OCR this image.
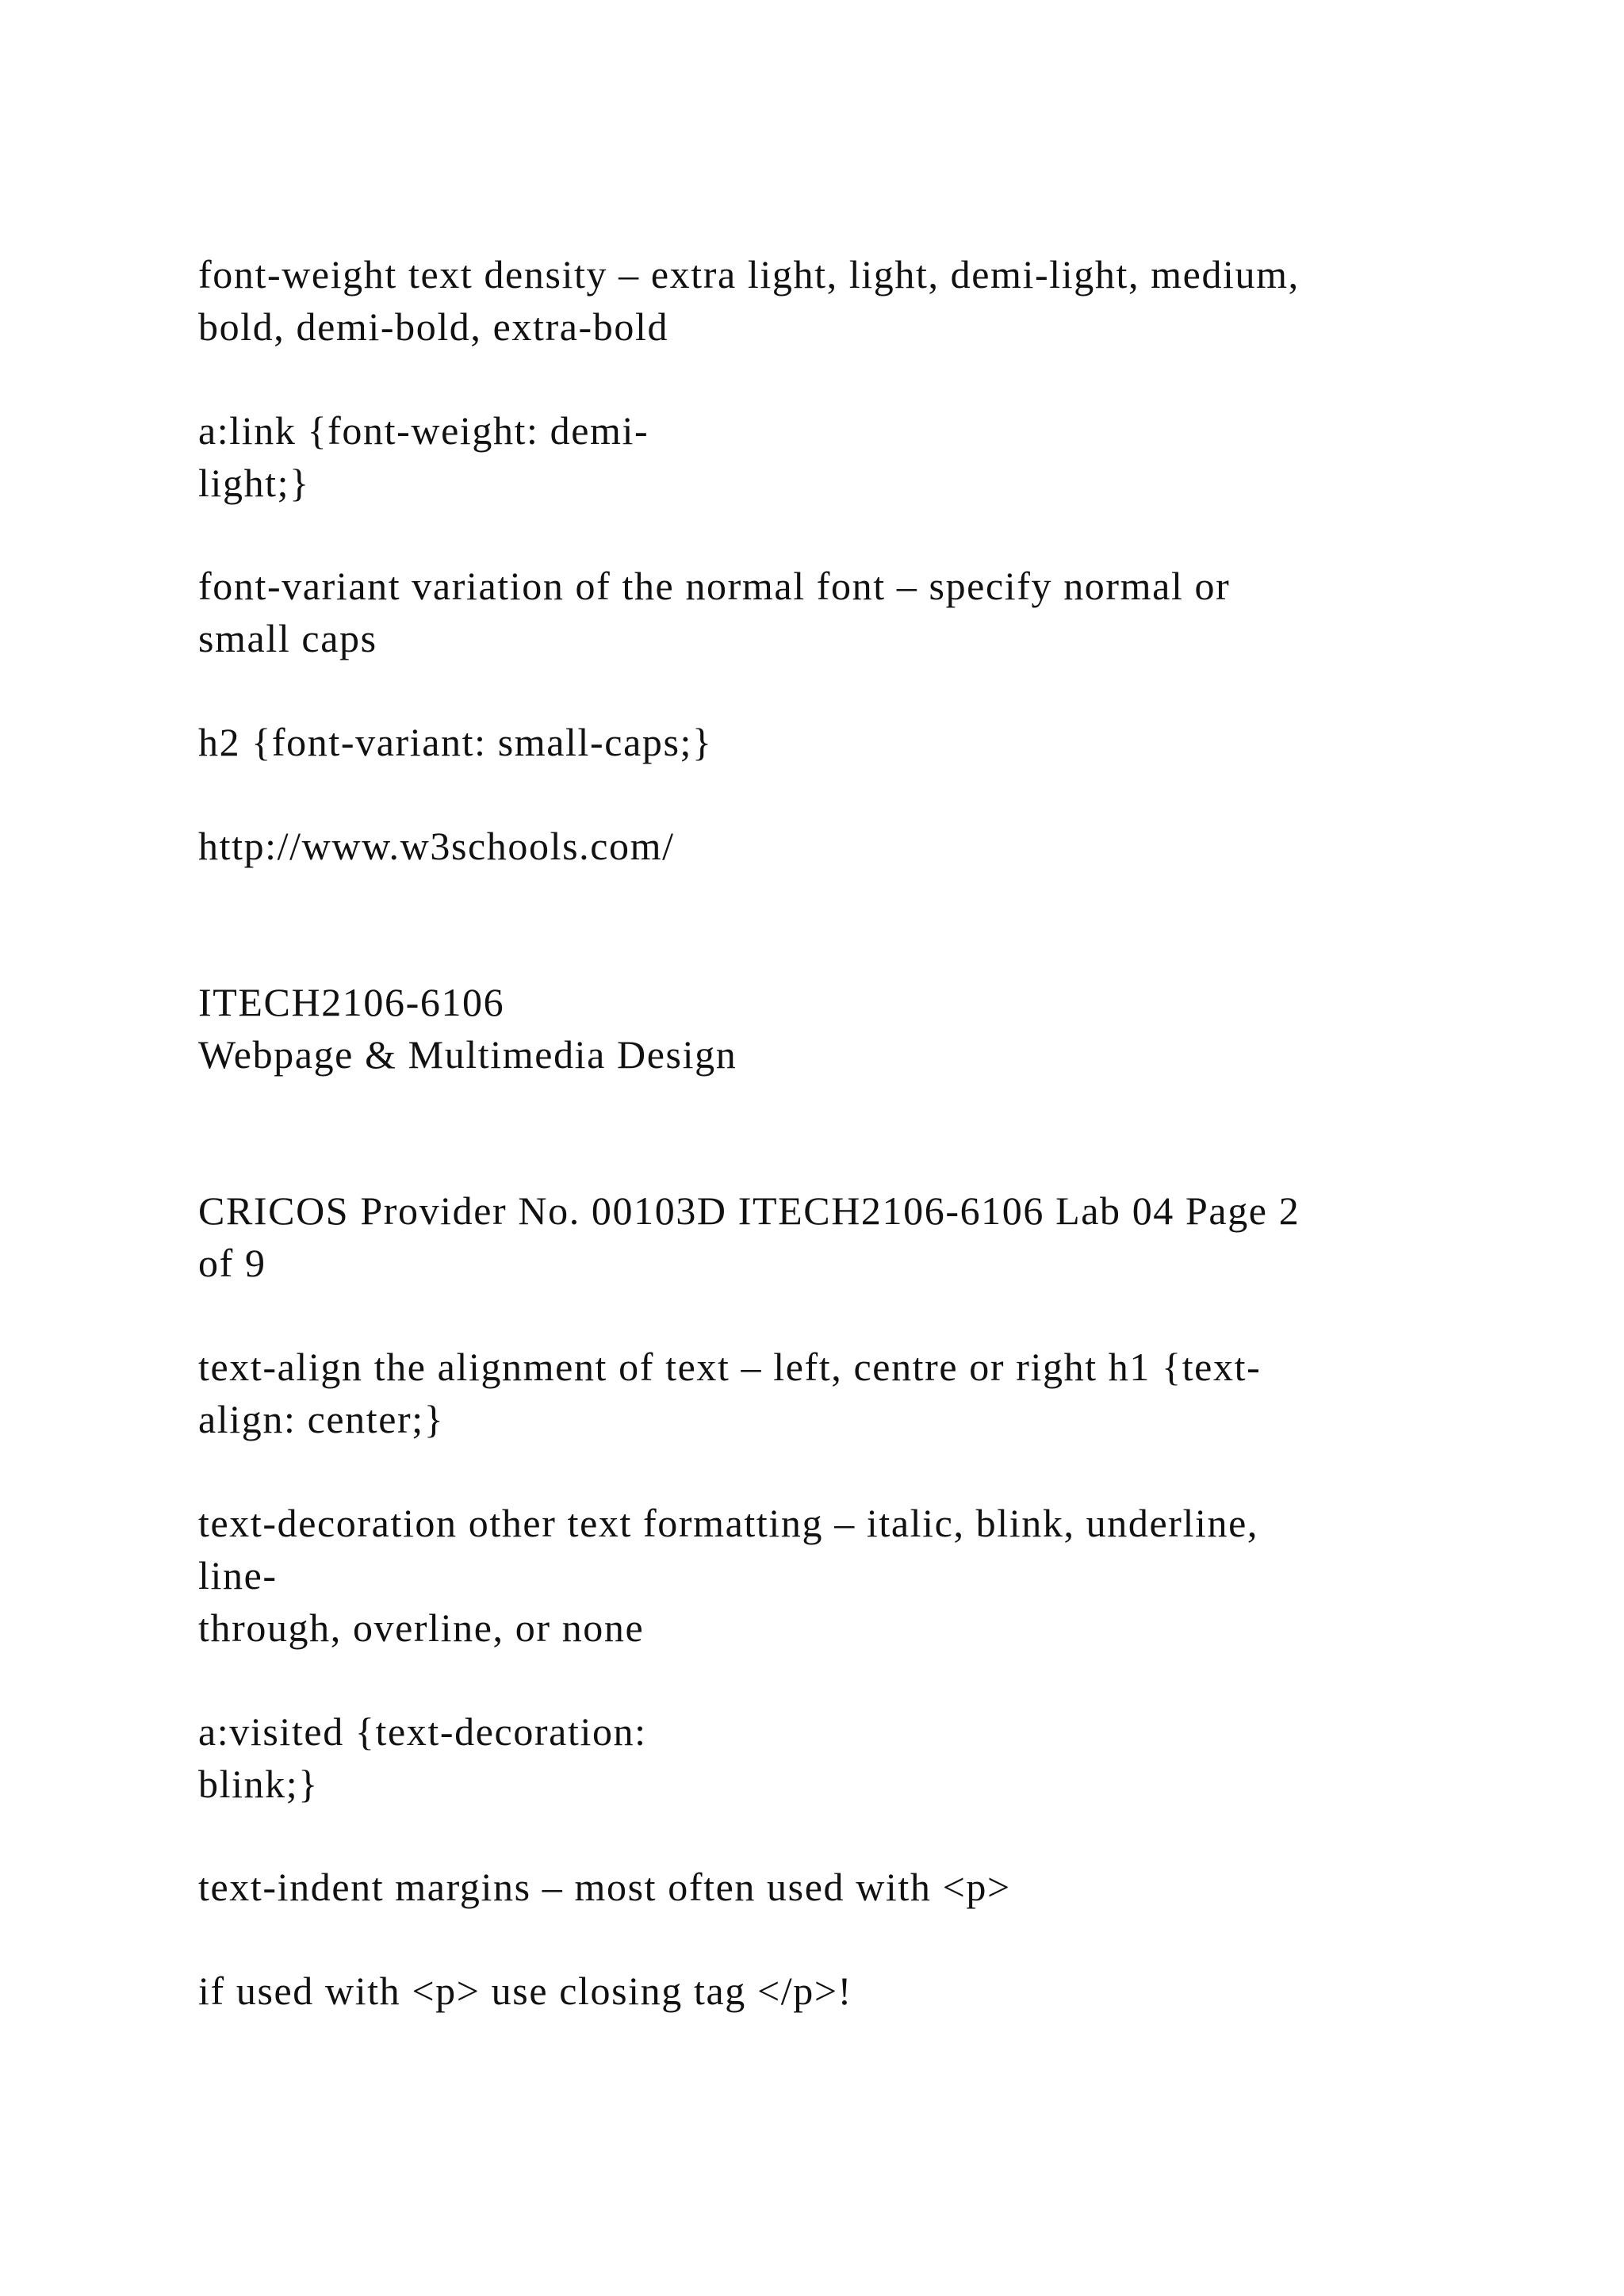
font-weight text density – extra light, light, demi-light, medium,

bold, demi-bold, extra-bold

a:link {font-weight: demi-

light;}

font-variant variation of the normal font – specify normal or

small caps

h2 {font-variant: small-caps;}

http://www.w3schools.com/

ITECH2106-6106

Webpage & Multimedia Design

CRICOS Provider No. 00103D ITECH2106-6106 Lab 04 Page 2

of 9

text-align the alignment of text – left, centre or right h1 {text-

align: center;}

text-decoration other text formatting – italic, blink, underline,

line-

through, overline, or none

a:visited {text-decoration:

blink;}

text-indent margins – most often used with <p>

if used with <p> use closing tag </p>!
